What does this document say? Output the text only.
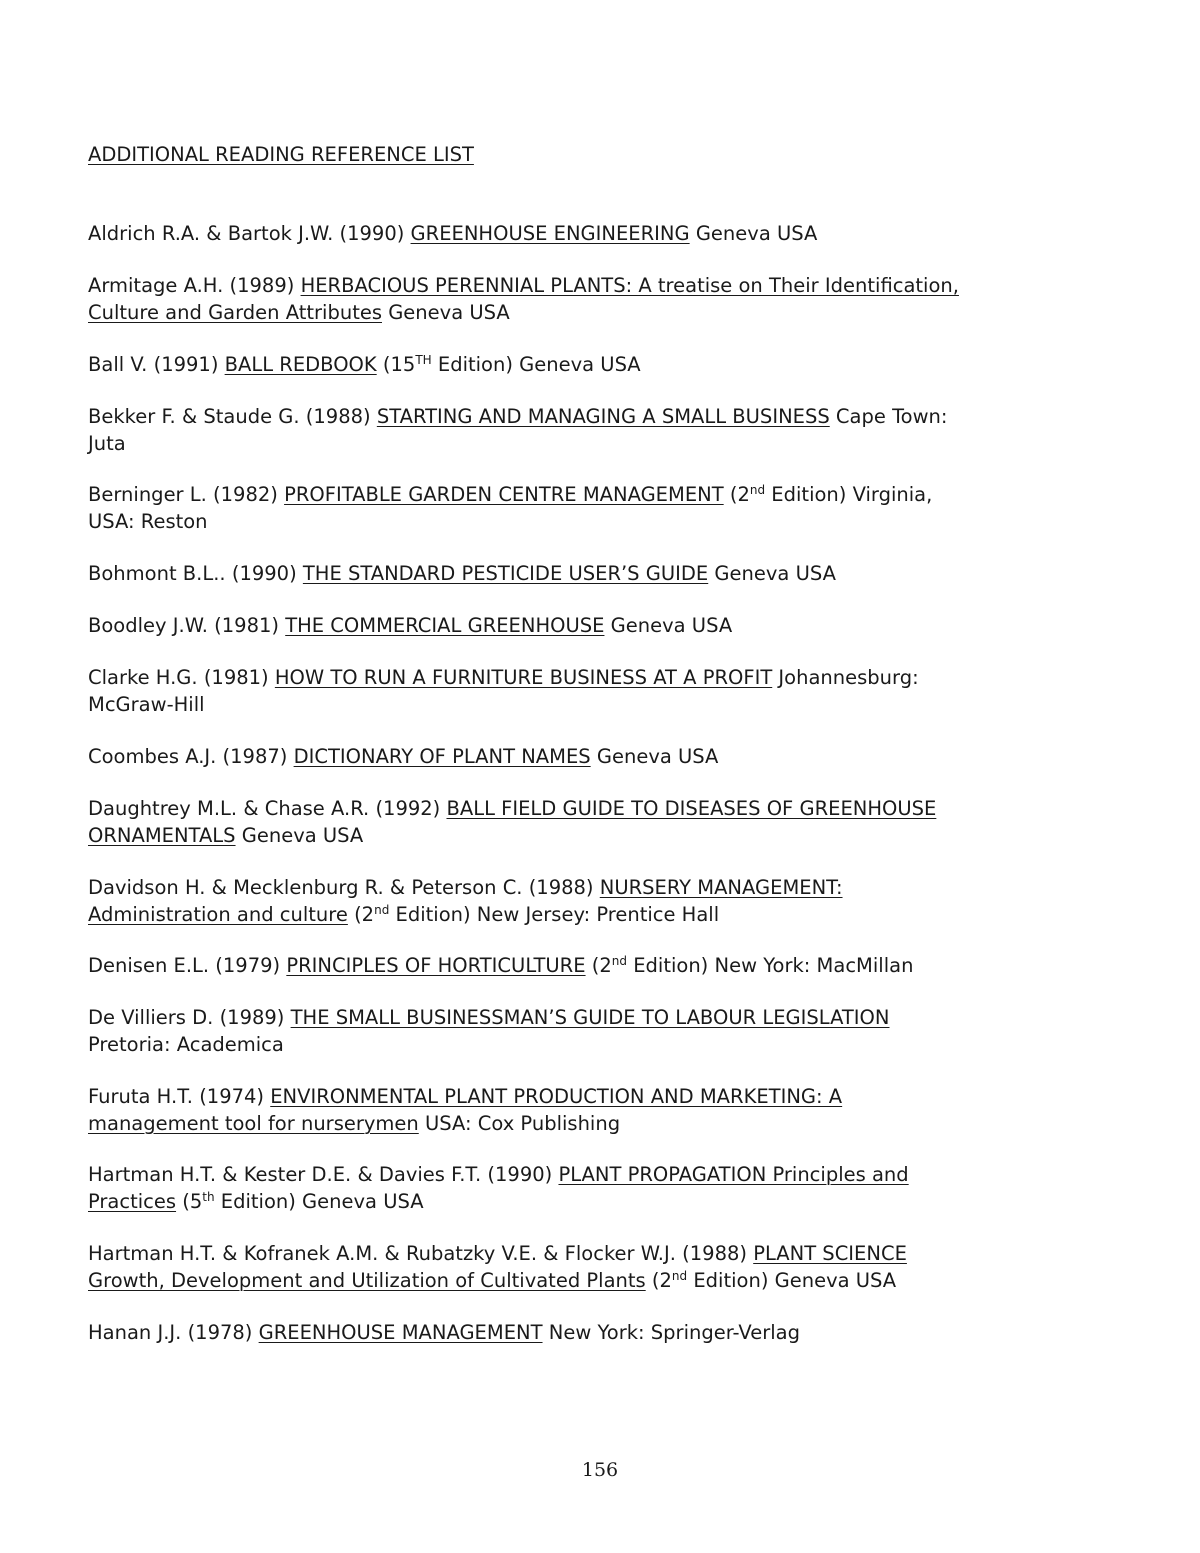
ADDITIONAL READING REFERENCE LIST

Aldrich R.A. & Bartok J.W. (1990) GREENHOUSE ENGINEERING Geneva USA

Armitage A.H. (1989) HERBACIOUS PERENNIAL PLANTS: A treatise on Their Identification,
Culture and Garden Attributes Geneva USA

Ball V. (1991) BALL REDBOOK (15TH Edition) Geneva USA

Bekker F. & Staude G. (1988) STARTING AND MANAGING A SMALL BUSINESS Cape Town:
Juta

Berninger L. (1982) PROFITABLE GARDEN CENTRE MANAGEMENT (2nd Edition) Virginia,
USA: Reston

Bohmont B.L.. (1990) THE STANDARD PESTICIDE USER’S GUIDE Geneva USA

Boodley J.W. (1981) THE COMMERCIAL GREENHOUSE Geneva USA

Clarke H.G. (1981) HOW TO RUN A FURNITURE BUSINESS AT A PROFIT Johannesburg:
McGraw-Hill

Coombes A.J. (1987) DICTIONARY OF PLANT NAMES Geneva USA

Daughtrey M.L. & Chase A.R. (1992) BALL FIELD GUIDE TO DISEASES OF GREENHOUSE
ORNAMENTALS Geneva USA

Davidson H. & Mecklenburg R. & Peterson C. (1988) NURSERY MANAGEMENT:
Administration and culture (2nd Edition) New Jersey: Prentice Hall

Denisen E.L. (1979) PRINCIPLES OF HORTICULTURE (2nd Edition) New York: MacMillan

De Villiers D. (1989) THE SMALL BUSINESSMAN’S GUIDE TO LABOUR LEGISLATION
Pretoria: Academica

Furuta H.T. (1974) ENVIRONMENTAL PLANT PRODUCTION AND MARKETING: A
management tool for nurserymen USA: Cox Publishing

Hartman H.T. & Kester D.E. & Davies F.T. (1990) PLANT PROPAGATION Principles and
Practices (5th Edition) Geneva USA

Hartman H.T. & Kofranek A.M. & Rubatzky V.E. & Flocker W.J. (1988) PLANT SCIENCE
Growth, Development and Utilization of Cultivated Plants (2nd Edition) Geneva USA

Hanan J.J. (1978) GREENHOUSE MANAGEMENT New York: Springer-Verlag

156
